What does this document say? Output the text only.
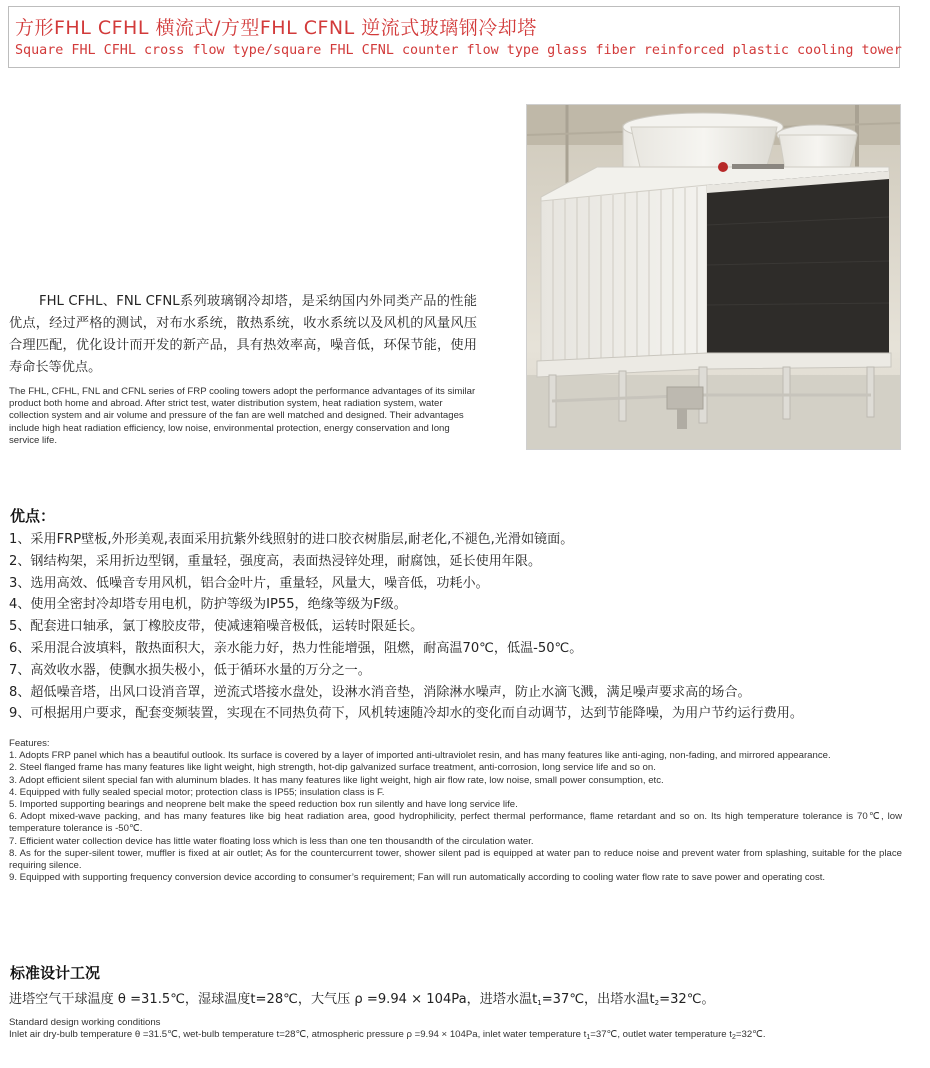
方形FHL CFHL 横流式/方型FHL CFNL 逆流式玻璃钢冷却塔
Square FHL CFHL cross flow type/square FHL CFNL counter flow type glass fiber reinforced plastic cooling tower
FHL CFHL、FNL CFNL系列玻璃钢冷却塔，是采纳国内外同类产品的性能优点，经过严格的测试，对布水系统，散热系统，收水系统以及风机的风量风压合理匹配，优化设计而开发的新产品，具有热效率高，噪音低，环保节能，使用寿命长等优点。
The FHL, CFHL, FNL and CFNL series of FRP cooling towers adopt the performance advantages of its similar product both home and abroad. After strict test, water distribution system, heat radiation system, water collection system and air volume and pressure of the fan are well matched and designed. Their advantages include high heat radiation efficiency, low noise, environmental protection, energy conservation and long service life.
优点：
1、采用FRP壁板,外形美观,表面采用抗紫外线照射的进口胶衣树脂层,耐老化,不褪色,光滑如镜面。
2、钢结构架，采用折边型钢，重量轻，强度高，表面热浸锌处理，耐腐蚀，延长使用年限。
3、选用高效、低噪音专用风机，铝合金叶片，重量轻，风量大，噪音低，功耗小。
4、使用全密封冷却塔专用电机，防护等级为IP55，绝缘等级为F级。
5、配套进口轴承，氯丁橡胶皮带，使减速箱噪音极低，运转时限延长。
6、采用混合波填料，散热面积大，亲水能力好，热力性能增强，阻燃，耐高温70℃，低温-50℃。
7、高效收水器，使飘水损失极小，低于循环水量的万分之一。
8、超低噪音塔，出风口设消音罩，逆流式塔接水盘处，设淋水消音垫，消除淋水噪声，防止水滴飞溅，满足噪声要求高的场合。
9、可根据用户要求，配套变频装置，实现在不同热负荷下，风机转速随冷却水的变化而自动调节，达到节能降噪，为用户节约运行费用。

Features:

1. Adopts FRP panel which has a beautiful outlook. Its surface is covered by a layer of imported anti-ultraviolet resin, and has many features like anti-aging, non-fading, and mirrored appearance.

2. Steel flanged frame has many features like light weight, high strength, hot-dip galvanized surface treatment, anti-corrosion, long service life and so on.

3. Adopt efficient silent special fan with aluminum blades. It has many features like light weight, high air flow rate, low noise, small power consumption, etc.

4. Equipped with fully sealed special motor; protection class is IP55; insulation class is F.

5. Imported supporting bearings and neoprene belt make the speed reduction box run silently and have long service life.

6. Adopt mixed-wave packing, and has many features like big heat radiation area, good hydrophilicity, perfect thermal performance, flame retardant and so on. Its high temperature tolerance is 70℃, low temperature tolerance is -50℃.

7. Efficient water collection device has little water floating loss which is less than one ten thousandth of the circulation water.

8. As for the super-silent tower, muffler is fixed at air outlet; As for the countercurrent tower, shower silent pad is equipped at water pan to reduce noise and prevent water from splashing, suitable for the place requiring silence.

9. Equipped with supporting frequency conversion device according to consumer’s requirement; Fan will run automatically according to cooling water flow rate to save power and operating cost.

标准设计工况
进塔空气干球温度 θ =31.5℃，湿球温度t=28℃，大气压 ρ =9.94 × 104Pa，进塔水温$t_1=37℃$，出塔水温$t_2=32℃$。
Standard design working conditions
Inlet air dry-bulb temperature θ =31.5℃, wet-bulb temperature t=28℃, atmospheric pressure ρ =9.94 × 104Pa, inlet water temperature $t_1=37℃$, outlet water temperature $t_2=32℃$.
